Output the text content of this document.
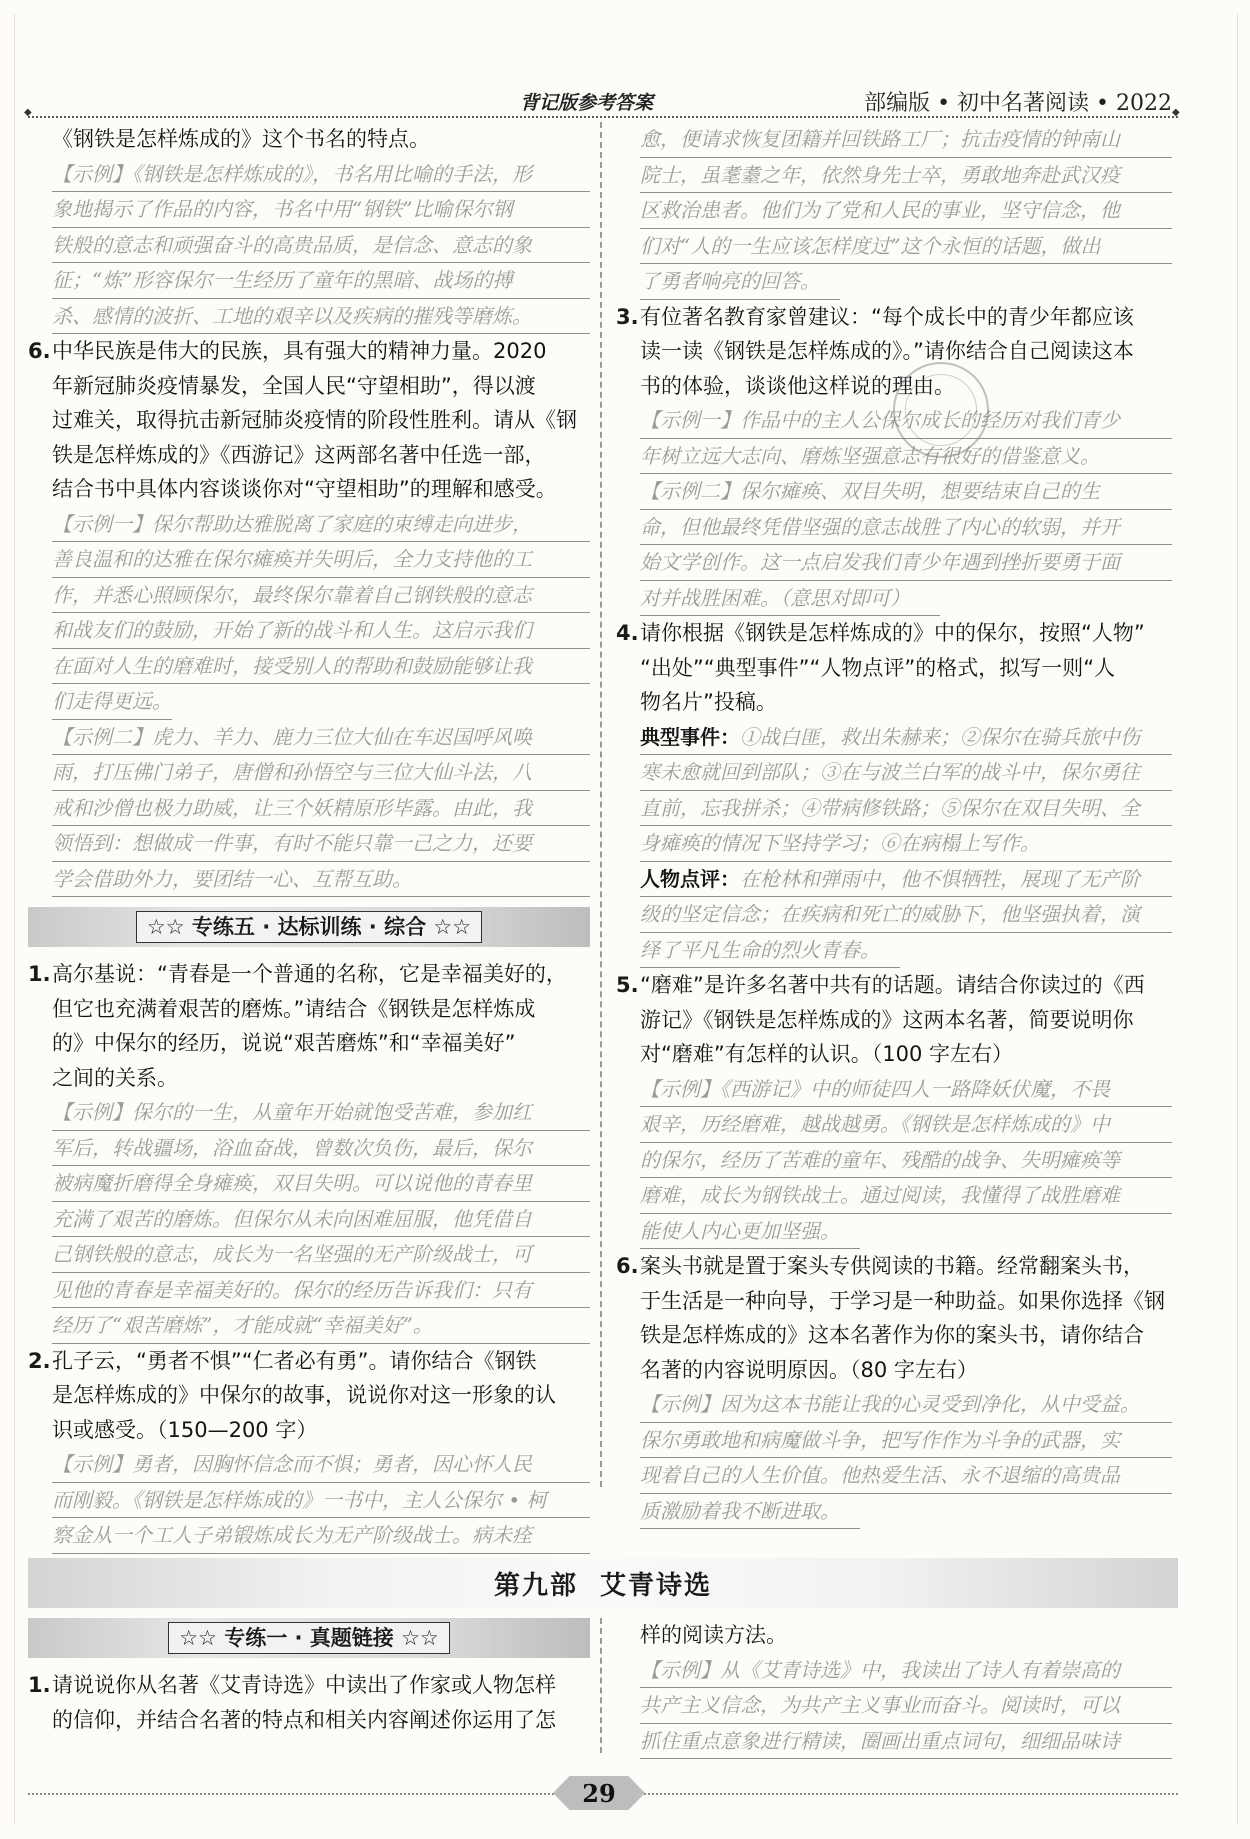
背记版参考答案	部编版 • 初中名著阅读 • 2022
◆	◆

《钢铁是怎样炼成的》这个书名的特点。

【示例】《钢铁是怎样炼成的》，书名用比喻的手法，形
象地揭示了作品的内容，书名中用“钢铁”比喻保尔钢
铁般的意志和顽强奋斗的高贵品质，是信念、意志的象
征；“炼”形容保尔一生经历了童年的黑暗、战场的搏
杀、感情的波折、工地的艰辛以及疾病的摧残等磨炼。
6. 中华民族是伟大的民族，具有强大的精神力量。2020

年新冠肺炎疫情暴发，全国人民“守望相助”，得以渡

过难关，取得抗击新冠肺炎疫情的阶段性胜利。请从《钢

铁是怎样炼成的》《西游记》这两部名著中任选一部，

结合书中具体内容谈谈你对“守望相助”的理解和感受。

【示例一】保尔帮助达雅脱离了家庭的束缚走向进步，
善良温和的达雅在保尔瘫痪并失明后，全力支持他的工
作，并悉心照顾保尔，最终保尔靠着自己钢铁般的意志
和战友们的鼓励，开始了新的战斗和人生。这启示我们
在面对人生的磨难时，接受别人的帮助和鼓励能够让我
们走得更远。
【示例二】虎力、羊力、鹿力三位大仙在车迟国呼风唤
雨，打压佛门弟子，唐僧和孙悟空与三位大仙斗法，八
戒和沙僧也极力助威，让三个妖精原形毕露。由此，我
领悟到：想做成一件事，有时不能只靠一己之力，还要
学会借助外力，要团结一心、互帮互助。
☆☆ 专练五 · 达标训练 · 综合 ☆☆
1. 高尔基说：“青春是一个普通的名称，它是幸福美好的，

但它也充满着艰苦的磨炼。”请结合《钢铁是怎样炼成

的》中保尔的经历，说说“艰苦磨炼”和“幸福美好”

之间的关系。

【示例】保尔的一生，从童年开始就饱受苦难，参加红
军后，转战疆场，浴血奋战，曾数次负伤，最后，保尔
被病魔折磨得全身瘫痪，双目失明。可以说他的青春里
充满了艰苦的磨炼。但保尔从未向困难屈服，他凭借自
己钢铁般的意志，成长为一名坚强的无产阶级战士，可
见他的青春是幸福美好的。保尔的经历告诉我们：只有
经历了“艰苦磨炼”，才能成就“幸福美好”。
2. 孔子云，“勇者不惧”“仁者必有勇”。请你结合《钢铁

是怎样炼成的》中保尔的故事，说说你对这一形象的认

识或感受。（150—200 字）

【示例】勇者，因胸怀信念而不惧；勇者，因心怀人民
而刚毅。《钢铁是怎样炼成的》一书中，主人公保尔 • 柯
察金从一个工人子弟锻炼成长为无产阶级战士。病未痊
愈，便请求恢复团籍并回铁路工厂；抗击疫情的钟南山
院士，虽耄耋之年，依然身先士卒，勇敢地奔赴武汉疫
区救治患者。他们为了党和人民的事业，坚守信念，他
们对“人的一生应该怎样度过”这个永恒的话题，做出
了勇者响亮的回答。
3. 有位著名教育家曾建议：“每个成长中的青少年都应该

读一读《钢铁是怎样炼成的》。”请你结合自己阅读这本

书的体验，谈谈他这样说的理由。

【示例一】作品中的主人公保尔成长的经历对我们青少
年树立远大志向、磨炼坚强意志有很好的借鉴意义。
【示例二】保尔瘫痪、双目失明，想要结束自己的生
命，但他最终凭借坚强的意志战胜了内心的软弱，并开
始文学创作。这一点启发我们青少年遇到挫折要勇于面
对并战胜困难。（意思对即可）
4. 请你根据《钢铁是怎样炼成的》中的保尔，按照“人物”

“出处”“典型事件”“人物点评”的格式，拟写一则“人

物名片”投稿。

典型事件：①战白匪，救出朱赫来；②保尔在骑兵旅中伤
寒未愈就回到部队；③在与波兰白军的战斗中，保尔勇往
直前，忘我拼杀；④带病修铁路；⑤保尔在双目失明、全
身瘫痪的情况下坚持学习；⑥在病榻上写作。
人物点评：在枪林和弹雨中，他不惧牺牲，展现了无产阶
级的坚定信念；在疾病和死亡的威胁下，他坚强执着，演
绎了平凡生命的烈火青春。
5. “磨难”是许多名著中共有的话题。请结合你读过的《西

游记》《钢铁是怎样炼成的》这两本名著，简要说明你

对“磨难”有怎样的认识。（100 字左右）

【示例】《西游记》中的师徒四人一路降妖伏魔，不畏
艰辛，历经磨难，越战越勇。《钢铁是怎样炼成的》中
的保尔，经历了苦难的童年、残酷的战争、失明瘫痪等
磨难，成长为钢铁战士。通过阅读，我懂得了战胜磨难
能使人内心更加坚强。
6. 案头书就是置于案头专供阅读的书籍。经常翻案头书，

于生活是一种向导，于学习是一种助益。如果你选择《钢

铁是怎样炼成的》这本名著作为你的案头书，请你结合

名著的内容说明原因。（80 字左右）

【示例】因为这本书能让我的心灵受到净化，从中受益。
保尔勇敢地和病魔做斗争，把写作作为斗争的武器，实
现着自己的人生价值。他热爱生活、永不退缩的高贵品
质激励着我不断进取。
第九部 艾青诗选
☆☆ 专练一 · 真题链接 ☆☆
1. 请说说你从名著《艾青诗选》中读出了作家或人物怎样

的信仰，并结合名著的特点和相关内容阐述你运用了怎

样的阅读方法。

【示例】从《艾青诗选》中，我读出了诗人有着崇高的
共产主义信念，为共产主义事业而奋斗。阅读时，可以
抓住重点意象进行精读，圈画出重点词句，细细品味诗
29
